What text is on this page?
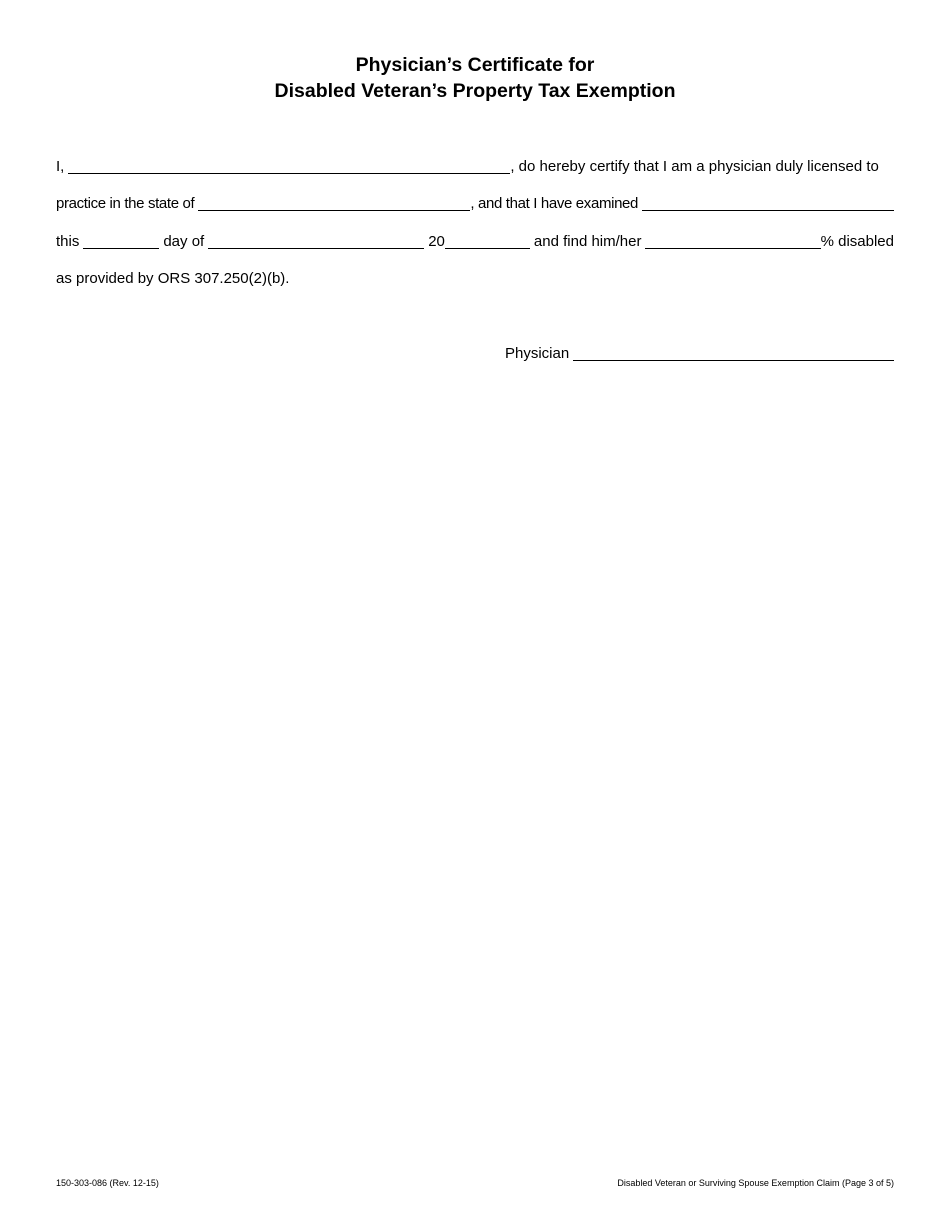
Physician’s Certificate for
Disabled Veteran’s Property Tax Exemption
I,	, do hereby certify that I am a physician duly licensed to
practice in the state of	, and that I have examined
this	day of	20	and find him/her	% disabled
as provided by ORS 307.250(2)(b).
Physician
150-303-086 (Rev. 12-15)	Disabled Veteran or Surviving Spouse Exemption Claim (Page 3 of 5)
